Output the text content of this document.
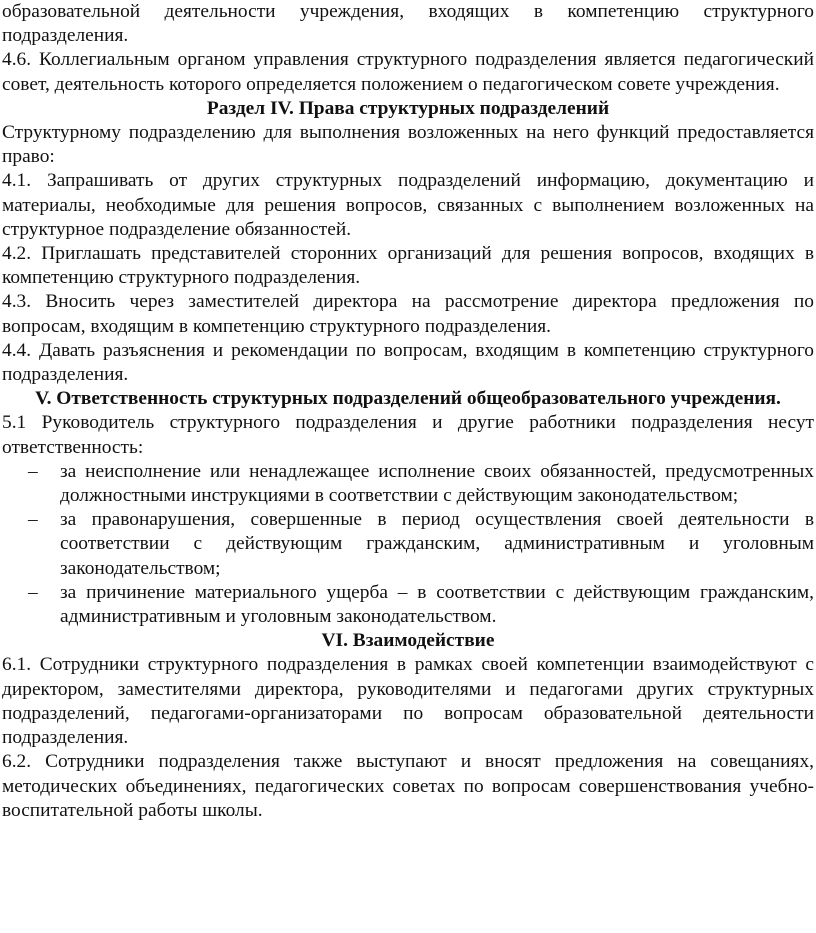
образовательной деятельности учреждения, входящих в компетенцию структурного подразделения.

4.6. Коллегиальным органом управления структурного подразделения является педагогический совет, деятельность которого определяется положением о педагогическом совете учреждения.

Раздел IV. Права структурных подразделений

Структурному подразделению для выполнения возложенных на него функций предоставляется право:

4.1. Запрашивать от других структурных подразделений информацию, документацию и материалы, необходимые для решения вопросов, связанных с выполнением возложенных на структурное подразделение обязанностей.

4.2. Приглашать представителей сторонних организаций для решения вопросов, входящих в компетенцию структурного подразделения.

4.3. Вносить через заместителей директора на рассмотрение директора предложения по вопросам, входящим в компетенцию структурного подразделения.

4.4. Давать разъяснения и рекомендации по вопросам, входящим в компетенцию структурного подразделения.

V. Ответственность структурных подразделений общеобразовательного учреждения.

5.1 Руководитель структурного подразделения и другие работники подразделения несут ответственность:

–	за неисполнение или ненадлежащее исполнение своих обязанностей, предусмотренных должностными инструкциями в соответствии с действующим законодательством;
–	за правонарушения, совершенные в период осуществления своей деятельности в соответствии с действующим гражданским, административным и уголовным законодательством;
–	за причинение материального ущерба – в соответствии с действующим гражданским, административным и уголовным законодательством.

VI. Взаимодействие

6.1. Сотрудники структурного подразделения в рамках своей компетенции взаимодействуют с директором, заместителями директора, руководителями и педагогами других структурных подразделений, педагогами-организаторами по вопросам образовательной деятельности подразделения.

6.2. Сотрудники подразделения также выступают и вносят предложения на совещаниях, методических объединениях, педагогических советах по вопросам совершенствования учебно-воспитательной работы школы.
